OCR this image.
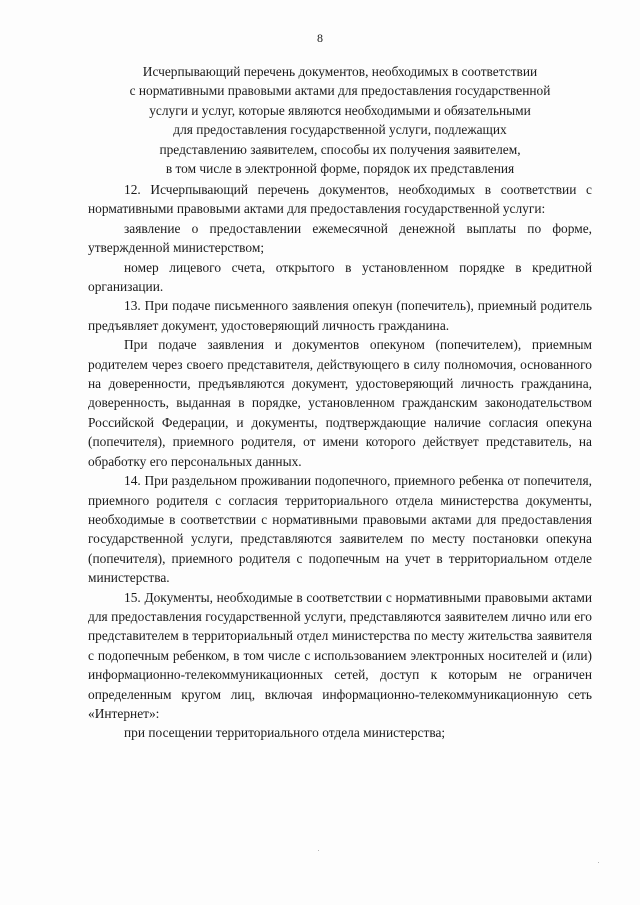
8
Исчерпывающий перечень документов, необходимых в соответствии
с нормативными правовыми актами для предоставления государственной
услуги и услуг, которые являются необходимыми и обязательными
для предоставления государственной услуги, подлежащих
представлению заявителем, способы их получения заявителем,
в том числе в электронной форме, порядок их представления

12. Исчерпывающий перечень документов, необходимых в соответствии с нормативными правовыми актами для предоставления государственной услуги:

заявление о предоставлении ежемесячной денежной выплаты по форме, утвержденной министерством;

номер лицевого счета, открытого в установленном порядке в кредитной организации.

13. При подаче письменного заявления опекун (попечитель), приемный родитель предъявляет документ, удостоверяющий личность гражданина.

При подаче заявления и документов опекуном (попечителем), приемным родителем через своего представителя, действующего в силу полномочия, основанного на доверенности, предъявляются документ, удостоверяющий личность гражданина, доверенность, выданная в порядке, установленном гражданским законодательством Российской Федерации, и документы, подтверждающие наличие согласия опекуна (попечителя), приемного родителя, от имени которого действует представитель, на обработку его персональных данных.

14. При раздельном проживании подопечного, приемного ребенка от попечителя, приемного родителя с согласия территориального отдела министерства документы, необходимые в соответствии с нормативными правовыми актами для предоставления государственной услуги, представляются заявителем по месту постановки опекуна (попечителя), приемного родителя с подопечным на учет в территориальном отделе министерства.

15. Документы, необходимые в соответствии с нормативными правовыми актами для предоставления государственной услуги, представляются заявителем лично или его представителем в территориальный отдел министерства по месту жительства заявителя с подопечным ребенком, в том числе с использованием электронных носителей и (или) информационно-телекоммуникационных сетей, доступ к которым не ограничен определенным кругом лиц, включая информационно-телекоммуникационную сеть «Интернет»:

при посещении территориального отдела министерства;
